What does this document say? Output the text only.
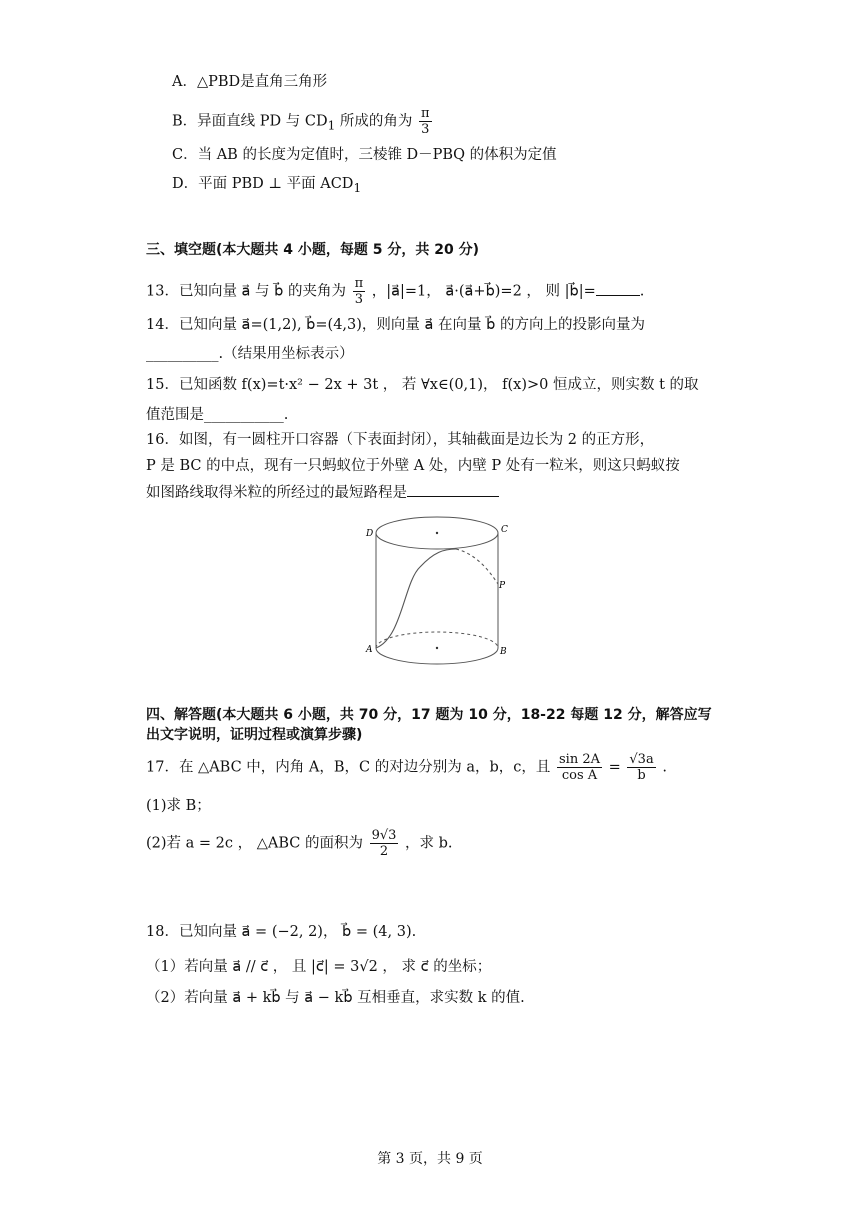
A．△PBD是直角三角形
B．异面直线 PD 与 $CD_1$ 所成的角为 $\frac{\pi}{3}$
C．当 AB 的长度为定值时，三棱锥 D－PBQ 的体积为定值
D．平面 PBD ⊥ 平面 $ACD_1$
三、填空题(本大题共 4 小题，每题 5 分，共 20 分)
13．已知向量 a⃗ 与 b⃗ 的夹角为 $\frac{\pi}{3}$ ，|a⃗|=1， a⃗·(a⃗+b⃗)=2 ， 则 |b⃗|=	.
14．已知向量 a⃗=(1,2), b⃗=(4,3)，则向量 a⃗ 在向量 b⃗ 的方向上的投影向量为
__________.（结果用坐标表示）
15．已知函数 f(x)=t·x² − 2x + 3t ， 若 ∀x∈(0,1)， f(x)>0 恒成立，则实数 t 的取
值范围是___________.
16．如图，有一圆柱开口容器（下表面封闭），其轴截面是边长为 2 的正方形，
P 是 BC 的中点，现有一只蚂蚁位于外壁 A 处，内壁 P 处有一粒米，则这只蚂蚁按
如图路线取得米粒的所经过的最短路程是
D	C
P
A	B
四、解答题(本大题共 6 小题，共 70 分，17 题为 10 分，18-22 每题 12 分，解答应写
出文字说明，证明过程或演算步骤)
17．在 △ABC 中，内角 A，B，C 的对边分别为 a，b，c，且 $\frac{\sin 2A}{\text{cos A}} = \frac{√3a}{b}$ .
(1)求 B；
(2)若 a = 2c ， △ABC 的面积为 $\frac{9√3}{2}$ ，求 b.
18．已知向量 a⃗ = (−2, 2)， b⃗ = (4, 3).
（1）若向量 a⃗ // c⃗ ， 且 |c⃗| = 3√2 ， 求 c⃗ 的坐标；
（2）若向量 a⃗ + kb⃗ 与 a⃗ − kb⃗ 互相垂直，求实数 k 的值.
第 3 页，共 9 页
